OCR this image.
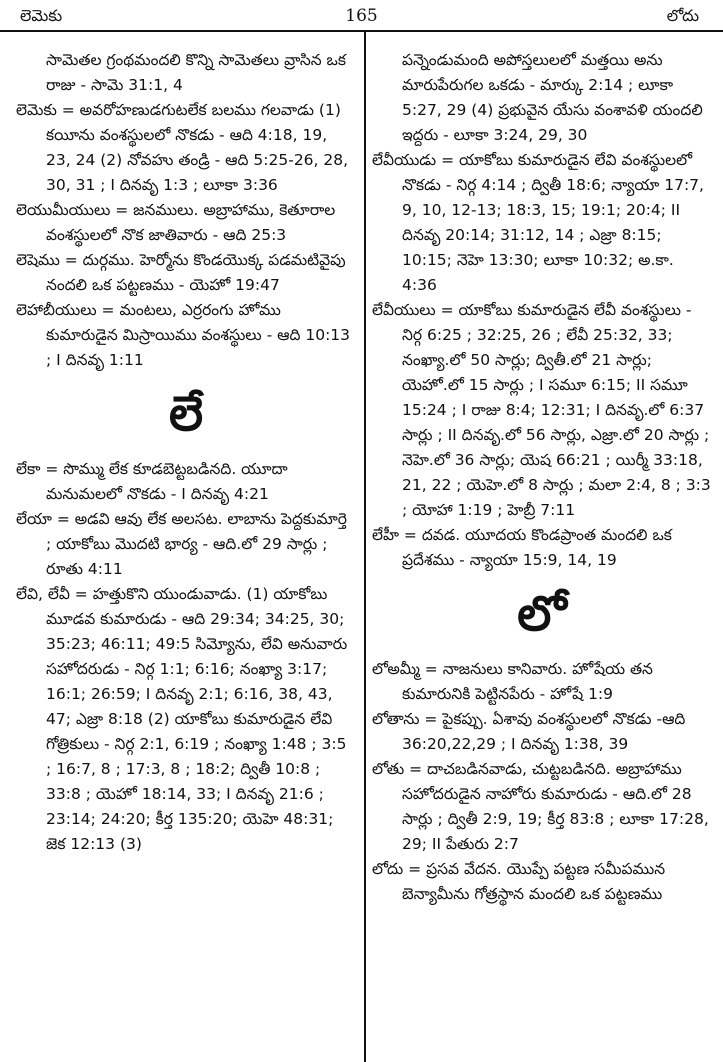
లెమెకు	165	లోదు
సామెతల గ్రంథమందలి కొన్ని సామెతలు వ్రాసిన ఒక రాజు - సామె 31:1, 4
లెమెకు = అవరోహణుడగుటలేక బలము గలవాడు (1) కయీను వంశస్థులలో నొకడు - ఆది 4:18, 19, 23, 24 (2) నోవహు తండ్రి - ఆది 5:25-26, 28, 30, 31 ; I దినవృ 1:3 ; లూకా 3:36
లెయుమీయులు = జనములు. అబ్రాహాము, కెతూరాల వంశస్థులలో నొక జాతివారు - ఆది 25:3
లెషెము = దుర్గము. హెర్మోను కొండయొక్క పడమటివైపు నందలి ఒక పట్టణము - యెహో 19:47
లెహాబీయులు = మంటలు, ఎర్రరంగు హోము కుమారుడైన మిస్రాయిము వంశస్థులు - ఆది 10:13 ; I దినవృ 1:11
లే
లేకా = సొమ్ము లేక కూడబెట్టబడినది. యూదా మనుమలలో నొకడు - I దినవృ 4:21
లేయా = అడవి ఆవు లేక అలసట. లాబాను పెద్దకుమార్తె ; యాకోబు మొదటి భార్య - ఆది.లో 29 సార్లు ; రూతు 4:11
లేవి, లేవీ = హత్తుకొని యుండువాడు. (1) యాకోబు మూడవ కుమారుడు - ఆది 29:34; 34:25, 30; 35:23; 46:11; 49:5 సిమ్యోను, లేవి అనువారు సహోదరుడు - నిర్గ 1:1; 6:16; నంఖ్యా 3:17; 16:1; 26:59; I దినవృ 2:1; 6:16, 38, 43, 47; ఎజ్రా 8:18 (2) యాకోబు కుమారుడైన లేవి గోత్రికులు - నిర్గ 2:1, 6:19 ; నంఖ్యా 1:48 ; 3:5 ; 16:7, 8 ; 17:3, 8 ; 18:2; ద్వితీ 10:8 ; 33:8 ; యెహో 18:14, 33; I దినవృ 21:6 ; 23:14; 24:20; కీర్త 135:20; యెహె 48:31; జెక 12:13 (3)
పన్నెండుమంది అపోస్తలులలో మత్తయి అను మారుపేరుగల ఒకడు - మార్కు 2:14 ; లూకా 5:27, 29 (4) ప్రభువైన యేసు వంశావళి యందలి ఇద్దరు - లూకా 3:24, 29, 30
లేవీయుడు = యాకోబు కుమారుడైన లేవి వంశస్థులలో నొకడు - నిర్గ 4:14 ; ద్వితీ 18:6; న్యాయా 17:7, 9, 10, 12-13; 18:3, 15; 19:1; 20:4; II దినవృ 20:14; 31:12, 14 ; ఎజ్రా 8:15; 10:15; నెహె 13:30; లూకా 10:32; అ.కా. 4:36
లేవీయులు = యాకోబు కుమారుడైన లేవీ వంశస్థులు - నిర్గ 6:25 ; 32:25, 26 ; లేవీ 25:32, 33; నంఖ్యా.లో 50 సార్లు; ద్వితీ.లో 21 సార్లు; యెహో.లో 15 సార్లు ; I సమూ 6:15; II సమూ 15:24 ; I రాజు 8:4; 12:31; I దినవృ.లో 6:37 సార్లు ; II దినవృ.లో 56 సార్లు, ఎజ్రా.లో 20 సార్లు ; నెహె.లో 36 సార్లు; యెష 66:21 ; యిర్మీ 33:18, 21, 22 ; యెహె.లో 8 సార్లు ; మలా 2:4, 8 ; 3:3 ; యోహా 1:19 ; హెబ్రీ 7:11
లేహీ = దవడ. యూదయ కొండప్రాంత మందలి ఒక ప్రదేశము - న్యాయా 15:9, 14, 19
లో
లోఅమ్మీ = నాజనులు కానివారు. హోషేయ తన కుమారునికి పెట్టినపేరు - హోషే 1:9
లోతాను = పైకప్పు. ఏశావు వంశస్థులలో నొకడు -ఆది 36:20,22,29 ; I దినవృ 1:38, 39
లోతు = దాచబడినవాడు, చుట్టబడినది. అబ్రాహాము సహోదరుడైన నాహోరు కుమారుడు - ఆది.లో 28 సార్లు ; ద్వితీ 2:9, 19; కీర్త 83:8 ; లూకా 17:28, 29; II పేతురు 2:7
లోదు = ప్రసవ వేదన. యొప్పే పట్టణ సమీపమున బెన్యామీను గోత్రస్థాన మందలి ఒక పట్టణము
